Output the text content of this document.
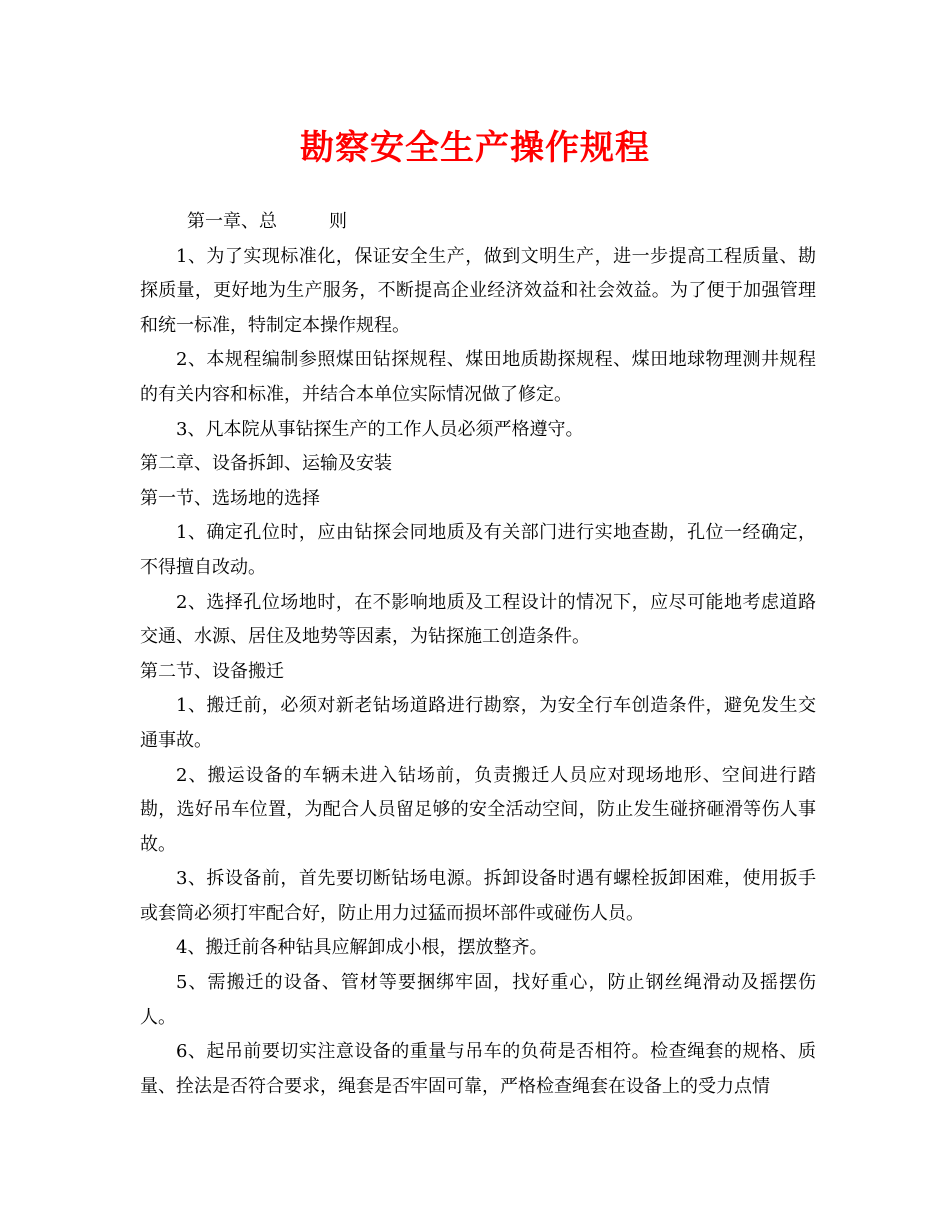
勘察安全生产操作规程

第一章、总	则

1、为了实现标准化，保证安全生产，做到文明生产，进一步提高工程质量、勘探质量，更好地为生产服务，不断提高企业经济效益和社会效益。为了便于加强管理和统一标准，特制定本操作规程。

2、本规程编制参照煤田钻探规程、煤田地质勘探规程、煤田地球物理测井规程的有关内容和标准，并结合本单位实际情况做了修定。

3、凡本院从事钻探生产的工作人员必须严格遵守。

第二章、设备拆卸、运输及安装

第一节、选场地的选择

1、确定孔位时，应由钻探会同地质及有关部门进行实地查勘，孔位一经确定，不得擅自改动。

2、选择孔位场地时，在不影响地质及工程设计的情况下，应尽可能地考虑道路交通、水源、居住及地势等因素，为钻探施工创造条件。

第二节、设备搬迁

1、搬迁前，必须对新老钻场道路进行勘察，为安全行车创造条件，避免发生交通事故。

2、搬运设备的车辆未进入钻场前，负责搬迁人员应对现场地形、空间进行踏勘，选好吊车位置，为配合人员留足够的安全活动空间，防止发生碰挤砸滑等伤人事故。

3、拆设备前，首先要切断钻场电源。拆卸设备时遇有螺栓扳卸困难，使用扳手或套筒必须打牢配合好，防止用力过猛而损坏部件或碰伤人员。

4、搬迁前各种钻具应解卸成小根，摆放整齐。

5、需搬迁的设备、管材等要捆绑牢固，找好重心，防止钢丝绳滑动及摇摆伤人。

6、起吊前要切实注意设备的重量与吊车的负荷是否相符。检查绳套的规格、质量、拴法是否符合要求，绳套是否牢固可靠，严格检查绳套在设备上的受力点情
